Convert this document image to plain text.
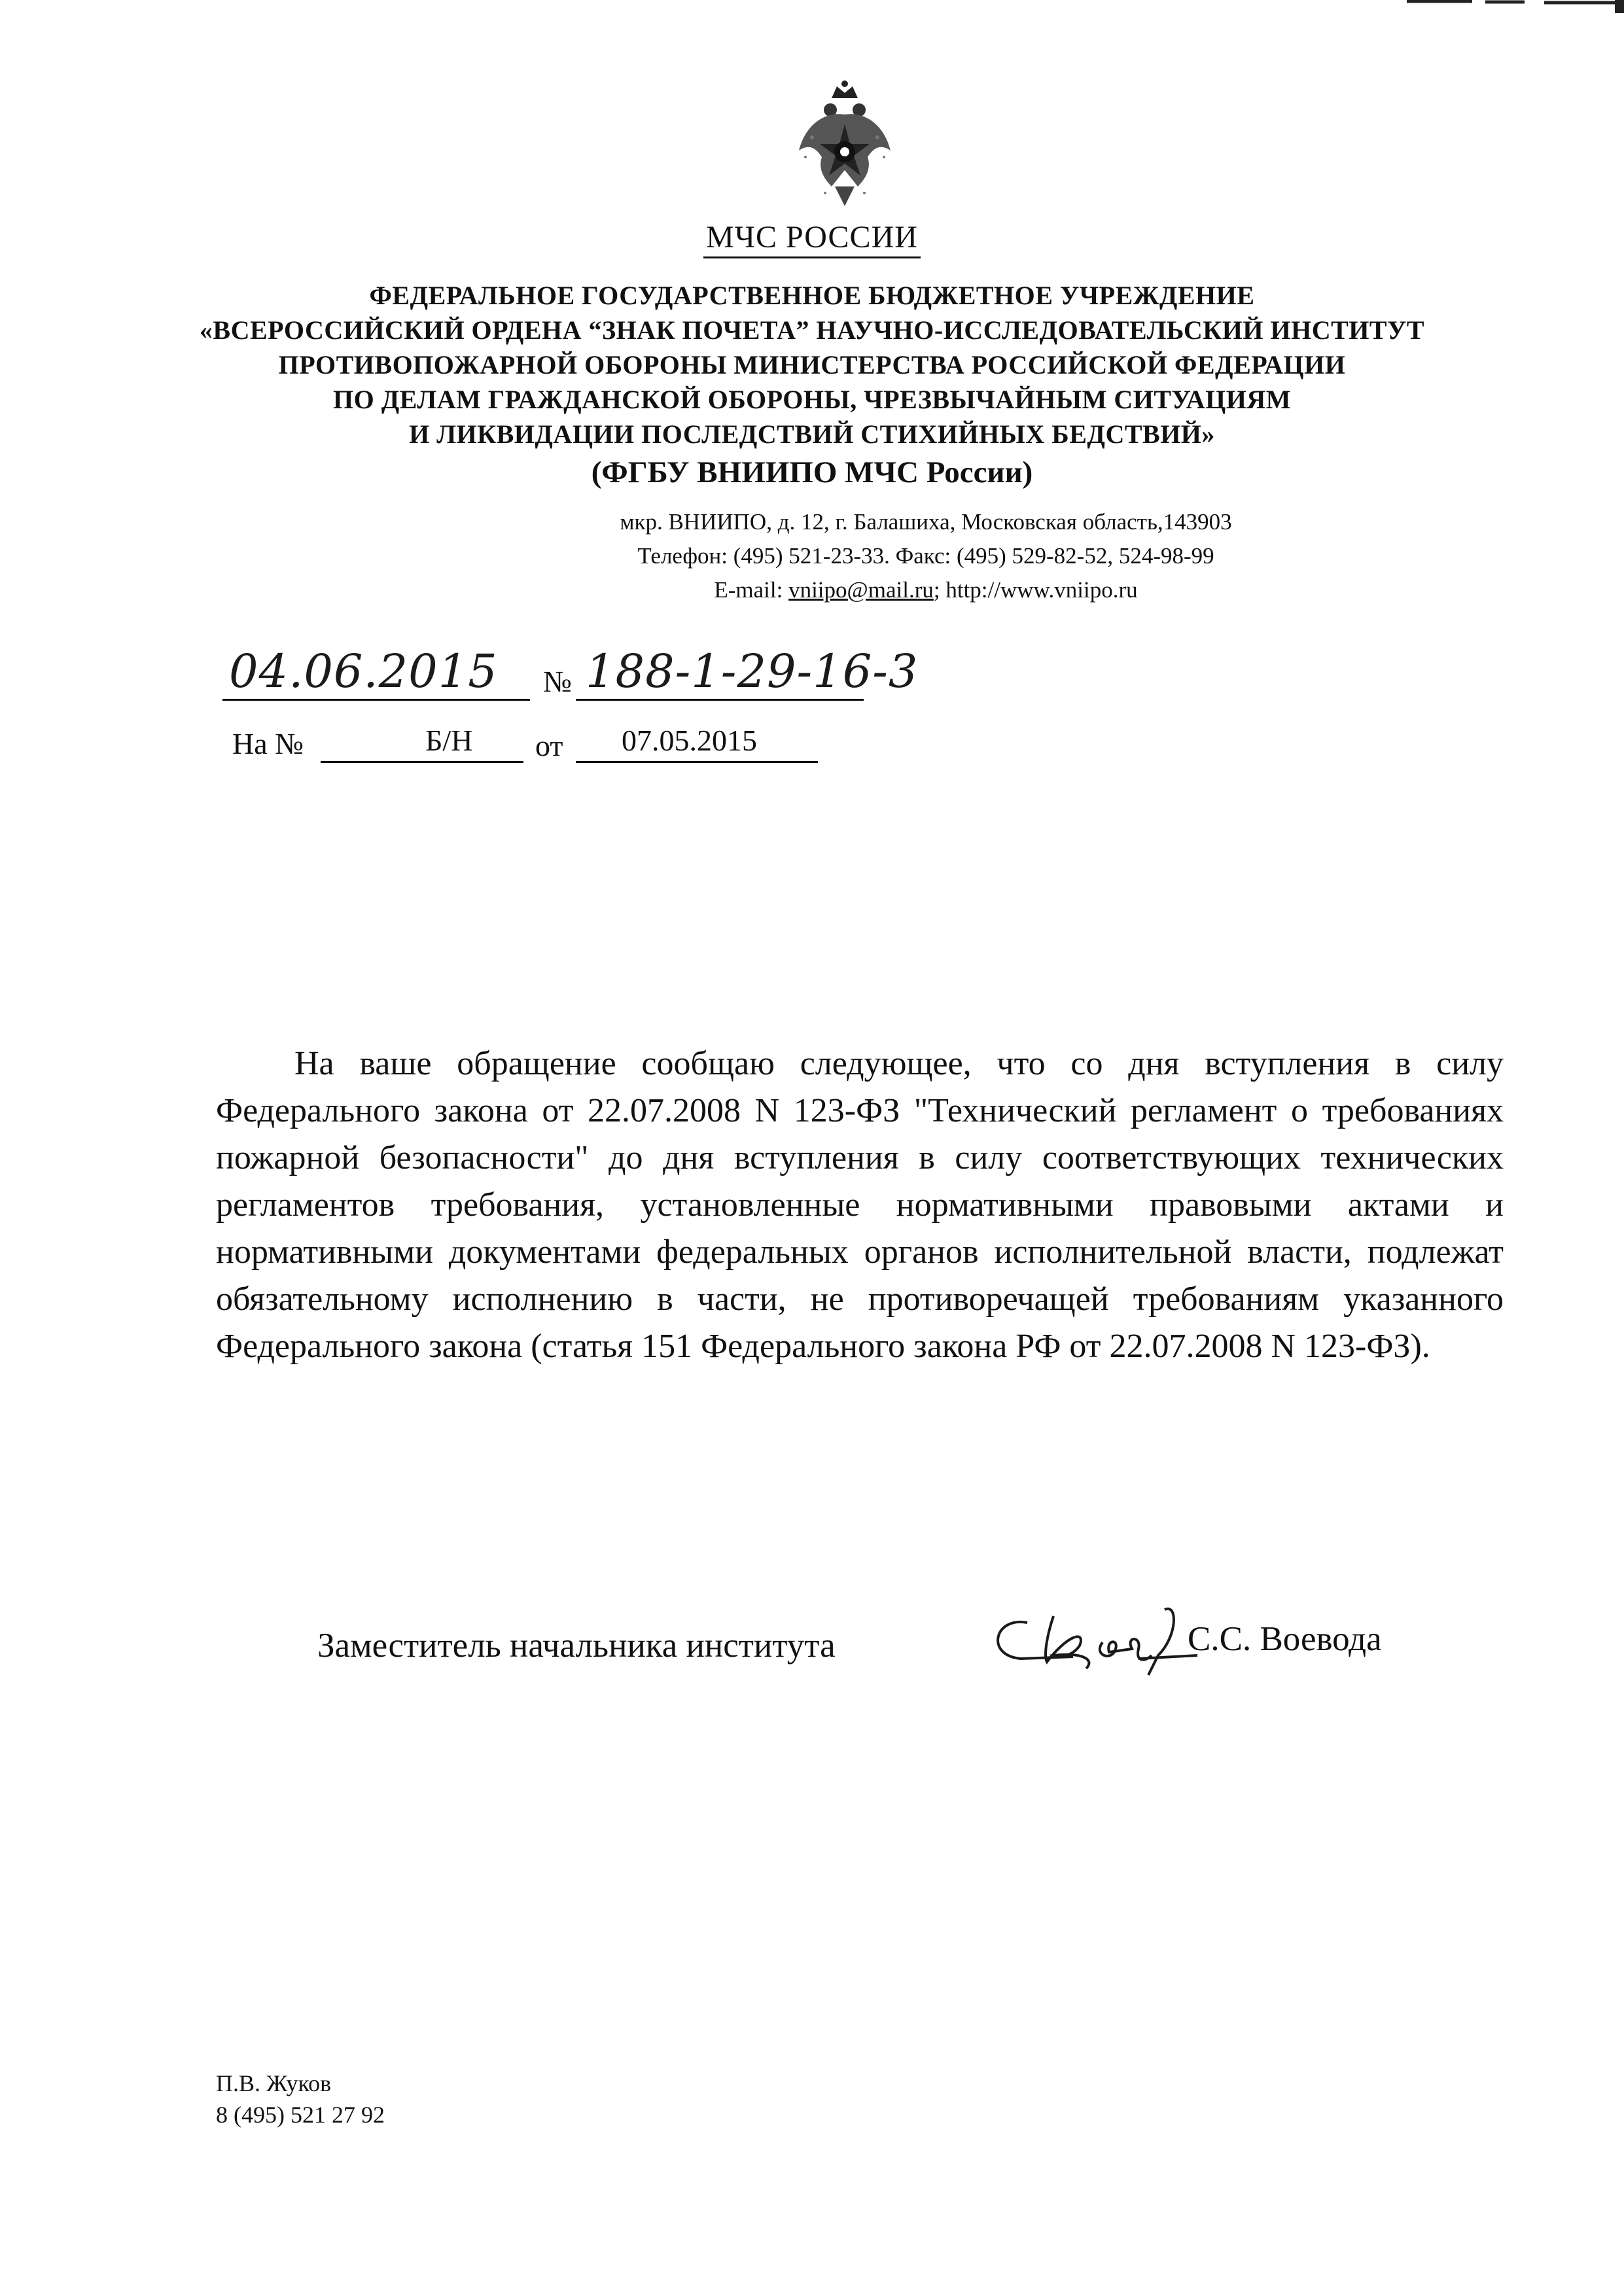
МЧС РОССИИ
ФЕДЕРАЛЬНОЕ ГОСУДАРСТВЕННОЕ БЮДЖЕТНОЕ УЧРЕЖДЕНИЕ
«ВСЕРОССИЙСКИЙ ОРДЕНА “ЗНАК ПОЧЕТА” НАУЧНО-ИССЛЕДОВАТЕЛЬСКИЙ ИНСТИТУТ
ПРОТИВОПОЖАРНОЙ ОБОРОНЫ МИНИСТЕРСТВА РОССИЙСКОЙ ФЕДЕРАЦИИ
ПО ДЕЛАМ ГРАЖДАНСКОЙ ОБОРОНЫ, ЧРЕЗВЫЧАЙНЫМ СИТУАЦИЯМ
И ЛИКВИДАЦИИ ПОСЛЕДСТВИЙ СТИХИЙНЫХ БЕДСТВИЙ»
(ФГБУ ВНИИПО МЧС России)
мкр. ВНИИПО, д. 12, г. Балашиха, Московская область,143903
Телефон: (495) 521-23-33. Факс: (495) 529-82-52, 524-98-99
E-mail: vniipo@mail.ru; http://www.vniipo.ru
04.06.2015 № 188-1-29-16-3
На №	Б/Н от 07.05.2015

На ваше обращение сообщаю следующее, что со дня вступления в силу Федерального закона от 22.07.2008 N 123-ФЗ "Технический регламент о требованиях пожарной безопасности" до дня вступления в силу соответствующих технических регламентов требования, установленные нормативными правовыми актами и нормативными документами федеральных органов исполнительной власти, подлежат обязательному исполнению в части, не противоречащей требованиям указанного Федерального закона (статья 151 Федерального закона РФ от 22.07.2008 N 123-ФЗ).

Заместитель начальника института	С.С. Воевода
П.В. Жуков
8 (495) 521 27 92
